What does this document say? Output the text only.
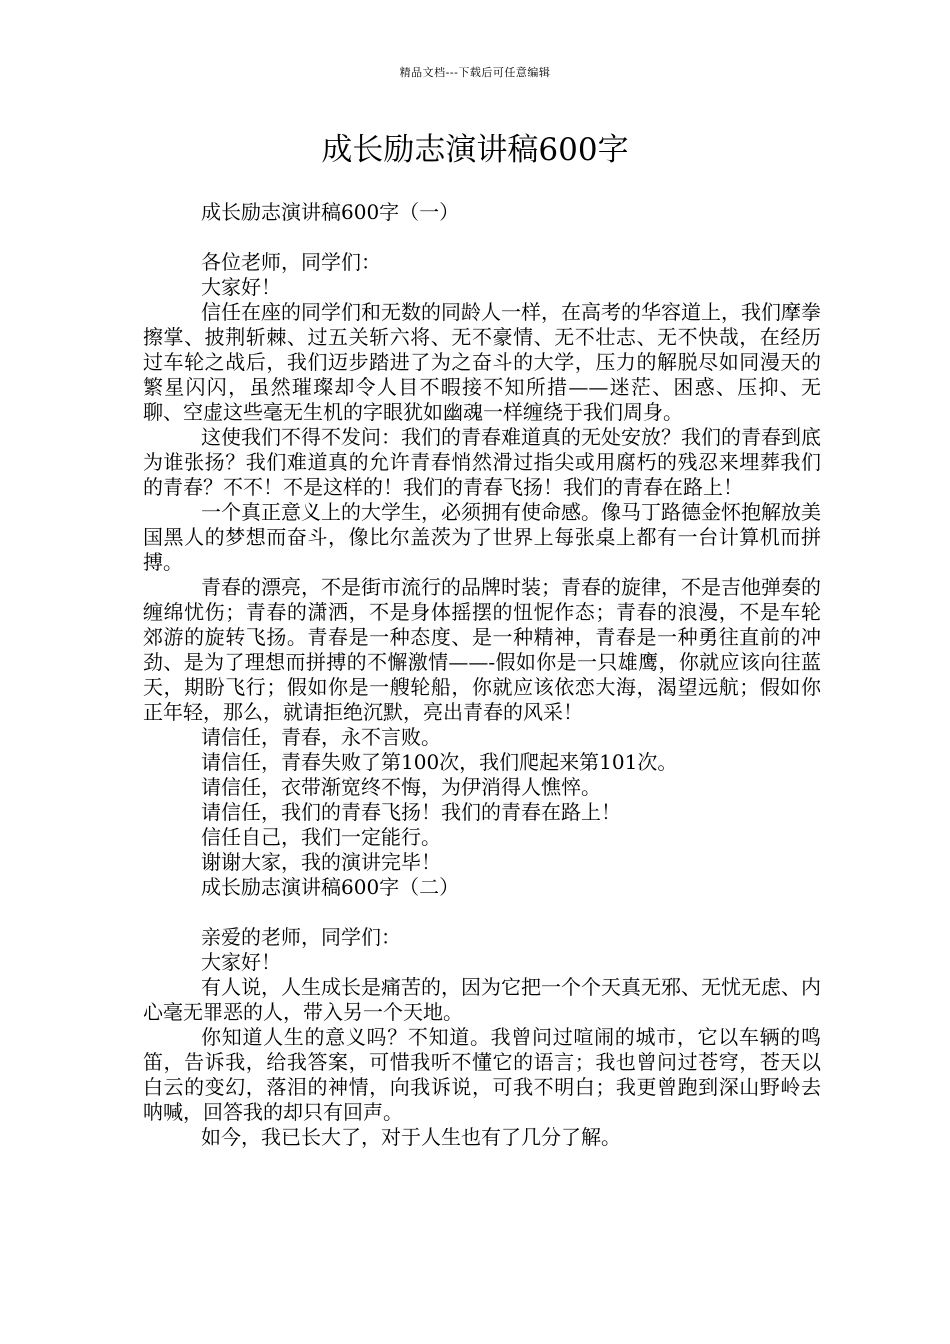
精品文档---下载后可任意编辑
成长励志演讲稿600字

成长励志演讲稿600字（一）

各位老师，同学们：

大家好！

信任在座的同学们和无数的同龄人一样，在高考的华容道上，我们摩拳擦掌、披荆斩棘、过五关斩六将、无不豪情、无不壮志、无不快哉，在经历过车轮之战后，我们迈步踏进了为之奋斗的大学，压力的解脱尽如同漫天的繁星闪闪，虽然璀璨却令人目不暇接不知所措——迷茫、困惑、压抑、无聊、空虚这些毫无生机的字眼犹如幽魂一样缠绕于我们周身。

这使我们不得不发问：我们的青春难道真的无处安放？我们的青春到底为谁张扬？我们难道真的允许青春悄然滑过指尖或用腐朽的残忍来埋葬我们的青春？不不！不是这样的！我们的青春飞扬！我们的青春在路上！

一个真正意义上的大学生，必须拥有使命感。像马丁路德金怀抱解放美国黑人的梦想而奋斗，像比尔盖茨为了世界上每张桌上都有一台计算机而拼搏。

青春的漂亮，不是街市流行的品牌时装；青春的旋律，不是吉他弹奏的缠绵忧伤；青春的潇洒，不是身体摇摆的忸怩作态；青春的浪漫，不是车轮郊游的旋转飞扬。青春是一种态度、是一种精神，青春是一种勇往直前的冲劲、是为了理想而拼搏的不懈激情——-假如你是一只雄鹰，你就应该向往蓝天，期盼飞行；假如你是一艘轮船，你就应该依恋大海，渴望远航；假如你正年轻，那么，就请拒绝沉默，亮出青春的风采！

请信任，青春，永不言败。

请信任，青春失败了第100次，我们爬起来第101次。

请信任，衣带渐宽终不悔，为伊消得人憔悴。

请信任，我们的青春飞扬！我们的青春在路上！

信任自己，我们一定能行。

谢谢大家，我的演讲完毕！

成长励志演讲稿600字（二）

亲爱的老师，同学们：

大家好！

有人说，人生成长是痛苦的，因为它把一个个天真无邪、无忧无虑、内心毫无罪恶的人，带入另一个天地。

你知道人生的意义吗？不知道。我曾问过喧闹的城市，它以车辆的鸣笛，告诉我，给我答案，可惜我听不懂它的语言；我也曾问过苍穹，苍天以白云的变幻，落泪的神情，向我诉说，可我不明白；我更曾跑到深山野岭去呐喊，回答我的却只有回声。

如今，我已长大了，对于人生也有了几分了解。
